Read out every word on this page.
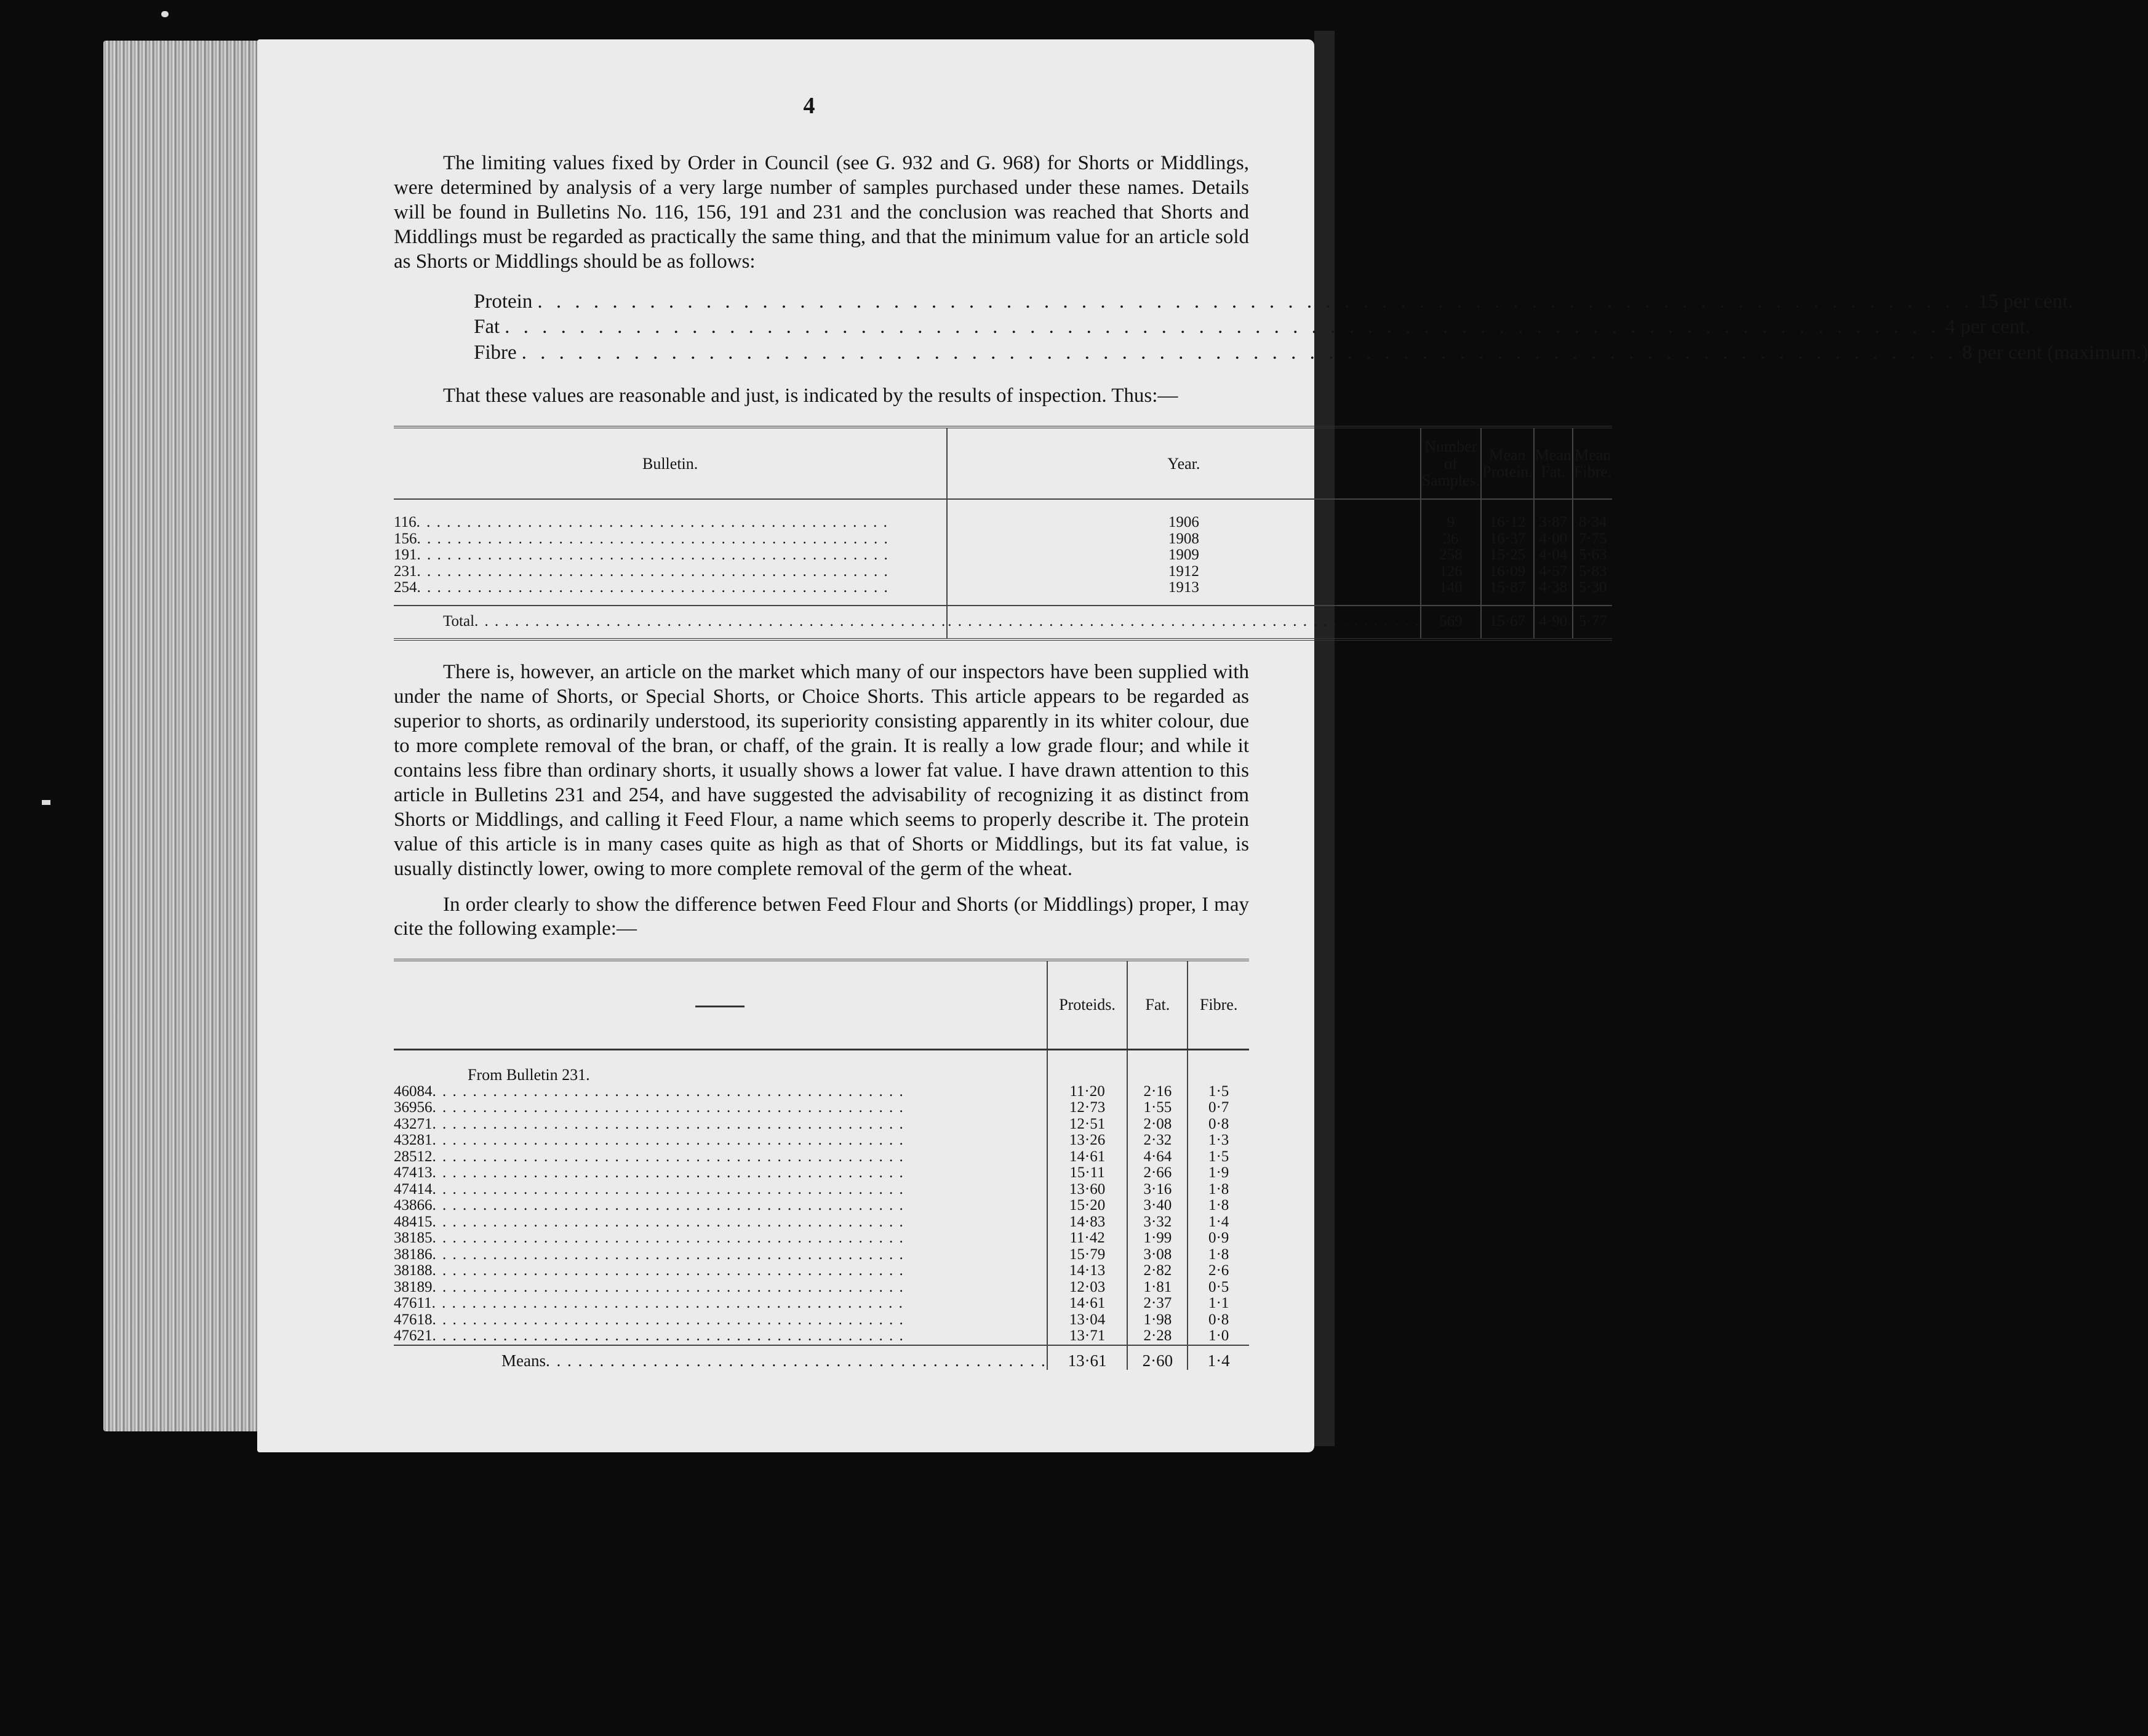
4

The limiting values fixed by Order in Council (see G. 932 and G. 968) for Shorts or Middlings, were determined by analysis of a very large number of samples purchased under these names. Details will be found in Bulletins No. 116, 156, 191 and 231 and the conclusion was reached that Shorts and Middlings must be regarded as practically the same thing, and that the minimum value for an article sold as Shorts or Middlings should be as follows:

Protein . . .	15 per cent.
Fat . . .	4 per cent.
Fibre . . .	8 per cent (maximum.)

That these values are reasonable and just, is indicated by the results of inspection. Thus:—

Bulletin.	Year.	Number of Samples.	Mean Protein.	Mean Fat.	Mean Fibre.
116 . . .	1906	9	16·12	3·87	8·34
156 . . .	1908	36	16·37	4·00	7·75
191 . . .	1909	258	15·25	4·04	5·63
231 . . .	1912	126	16·09	4·57	5·83
254 . . .	1913	140	15·87	4·38	5·30
Total . . .	. . .	569	15·67	4·90	5·77

There is, however, an article on the market which many of our inspectors have been supplied with under the name of Shorts, or Special Shorts, or Choice Shorts. This article appears to be regarded as superior to shorts, as ordinarily understood, its superiority consisting apparently in its whiter colour, due to more complete removal of the bran, or chaff, of the grain. It is really a low grade flour; and while it contains less fibre than ordinary shorts, it usually shows a lower fat value. I have drawn attention to this article in Bulletins 231 and 254, and have suggested the advisability of recognizing it as distinct from Shorts or Middlings, and calling it Feed Flour, a name which seems to properly describe it. The protein value of this article is in many cases quite as high as that of Shorts or Middlings, but its fat value, is usually distinctly lower, owing to more complete removal of the germ of the wheat.

In order clearly to show the difference betwen Feed Flour and Shorts (or Middlings) proper, I may cite the following example:—

	Proteids.	Fat.	Fibre.
From Bulletin 231.			
46084 . . .	11·20	2·16	1·5
36956 . . .	12·73	1·55	0·7
43271 . . .	12·51	2·08	0·8
43281 . . .	13·26	2·32	1·3
28512 . . .	14·61	4·64	1·5
47413 . . .	15·11	2·66	1·9
47414 . . .	13·60	3·16	1·8
43866 . . .	15·20	3·40	1·8
48415 . . .	14·83	3·32	1·4
38185 . . .	11·42	1·99	0·9
38186 . . .	15·79	3·08	1·8
38188 . . .	14·13	2·82	2·6
38189 . . .	12·03	1·81	0·5
47611 . . .	14·61	2·37	1·1
47618 . . .	13·04	1·98	0·8
47621 . . .	13·71	2·28	1·0
Means . . .	13·61	2·60	1·4
